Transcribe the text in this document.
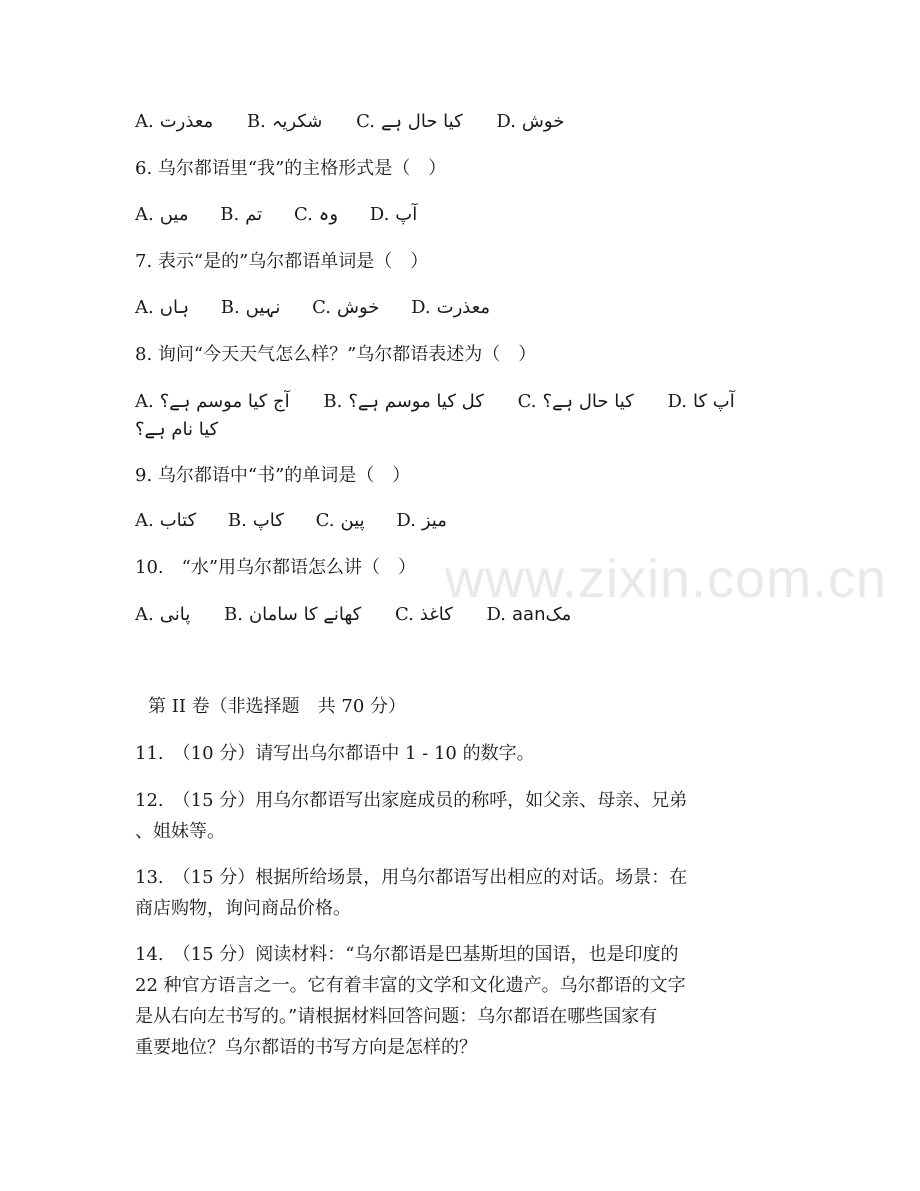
www.zixin.com.cn
A. معذرت B. شکریہ C. کیا حال ہے D. خوش
6. 乌尔都语里“我”的主格形式是（　）
A. میں B. تم C. وہ D. آپ
7. 表示“是的”乌尔都语单词是（　）
A. ہاں B. نہیں C. خوش D. معذرت
8. 询问“今天天气怎么样？”乌尔都语表述为（　）
A. آج کیا موسم ہے؟ B. کل کیا موسم ہے؟ C. کیا حال ہے؟ D. آپ کا
کیا نام ہے؟
9. 乌尔都语中“书”的单词是（　）
A. کتاب B. کاپ C. پین D. میز
10.　“水”用乌尔都语怎么讲（　）
A. پانی B. کھانے کا سامان C. کاغذ D. مکaan
第 II 卷（非选择题　共 70 分）
11.　（10 分）请写出乌尔都语中 1 - 10 的数字。
12.　（15 分）用乌尔都语写出家庭成员的称呼，如父亲、母亲、兄弟
、姐妹等。
13.　（15 分）根据所给场景，用乌尔都语写出相应的对话。场景：在
商店购物，询问商品价格。
14.　（15 分）阅读材料：“乌尔都语是巴基斯坦的国语，也是印度的
22 种官方语言之一。它有着丰富的文学和文化遗产。乌尔都语的文字
是从右向左书写的。”请根据材料回答问题：乌尔都语在哪些国家有
重要地位？乌尔都语的书写方向是怎样的？
